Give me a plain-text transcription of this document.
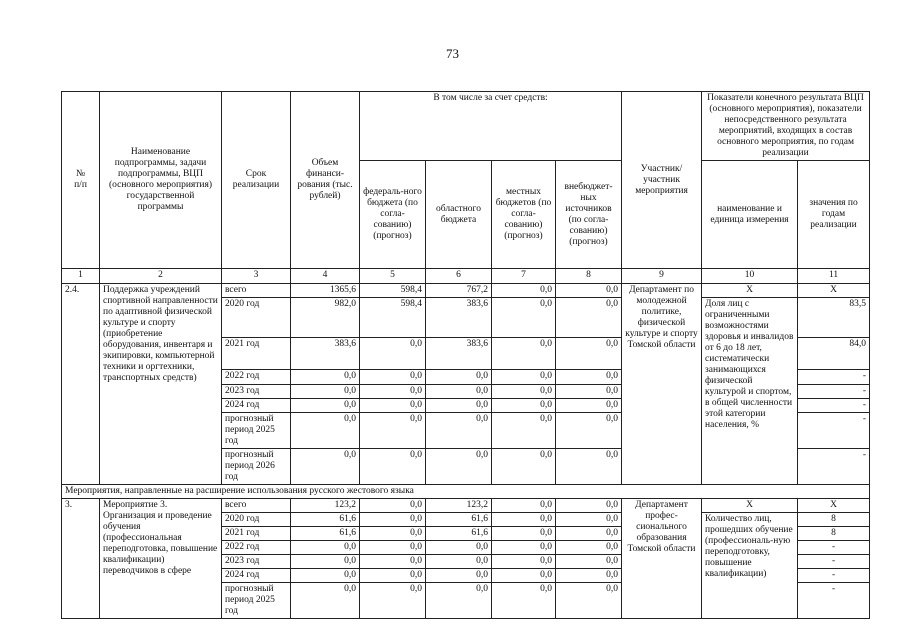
73
№
п/п	Наименование подпрограммы, задачи подпрограммы, ВЦП (основного мероприятия) государственной программы	Срок реализации	Объем финанси-рования (тыс. рублей)	В том числе за счет средств:				Участник/ участник мероприятия	Показатели конечного результата ВЦП (основного мероприятия), показатели непосредственного результата мероприятий, входящих в состав основного мероприятия, по годам реализации	
				федераль-ного бюджета (по согла-сованию) (прогноз)	областного бюджета	местных бюджетов (по согла-сованию) (прогноз)	внебюджет-ных источников (по согла-сованию) (прогноз)		наименование и единица измерения	значения по годам реализации
1	2	3	4	5	6	7	8	9	10	11
2.4.	Поддержка учреждений спортивной направленности по адаптивной физической культуре и спорту (приобретение оборудования, инвентаря и экипировки, компьютерной техники и оргтехники, транспортных средств)	всего	1365,6	598,4	767,2	0,0	0,0	Департамент по молодежной политике, физической культуре и спорту Томской области	X	X
		2020 год	982,0	598,4	383,6	0,0	0,0		Доля лиц с ограниченными возможностями здоровья и инвалидов от 6 до 18 лет, систематически занимающихся физической культурой и спортом, в общей численности этой категории населения, %	83,5
		2021 год	383,6	0,0	383,6	0,0	0,0			84,0
		2022 год	0,0	0,0	0,0	0,0	0,0			-
		2023 год	0,0	0,0	0,0	0,0	0,0			-
		2024 год	0,0	0,0	0,0	0,0	0,0			-
		прогнозный период 2025 год	0,0	0,0	0,0	0,0	0,0			-
		прогнозный период 2026 год	0,0	0,0	0,0	0,0	0,0			-
Мероприятия, направленные на расширение использования русского жестового языка										
3.	Мероприятие 3. Организация и проведение обучения (профессиональная переподготовка, повышение квалификации) переводчиков в сфере	всего	123,2	0,0	123,2	0,0	0,0	Департамент профес-сионального образования Томской области	X	X
		2020 год	61,6	0,0	61,6	0,0	0,0		Количество лиц, прошедших обучение (профессиональ-ную переподготовку, повышение квалификации)	8
		2021 год	61,6	0,0	61,6	0,0	0,0			8
		2022 год	0,0	0,0	0,0	0,0	0,0			-
		2023 год	0,0	0,0	0,0	0,0	0,0			-
		2024 год	0,0	0,0	0,0	0,0	0,0			-
		прогнозный период 2025 год	0,0	0,0	0,0	0,0	0,0			-
